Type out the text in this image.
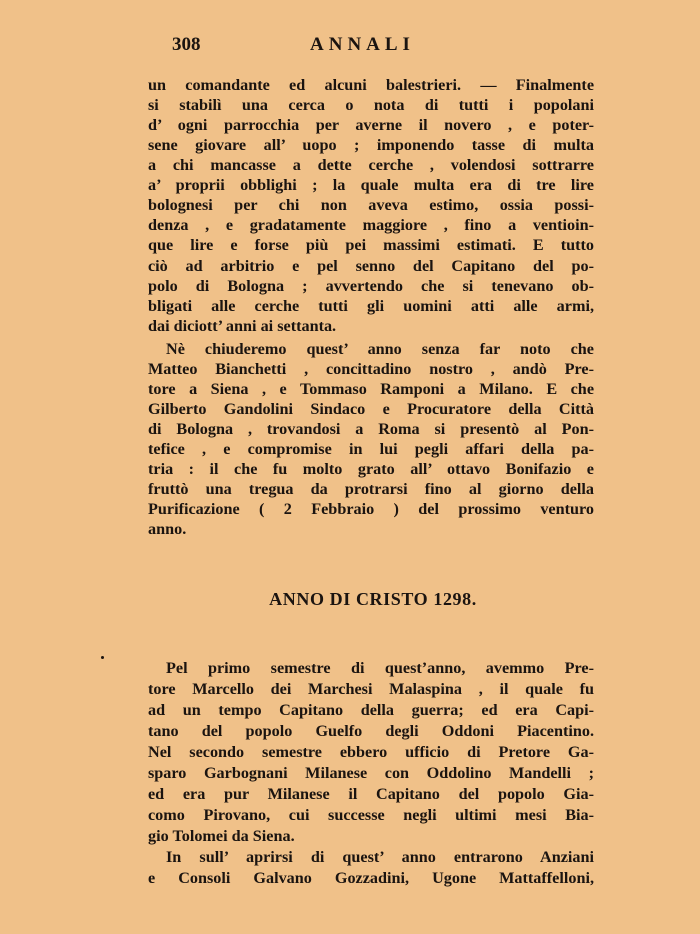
308	ANNALI
un comandante ed alcuni balestrieri. — Finalmente
si stabilì una cerca o nota di tutti i popolani
d’ ogni parrocchia per averne il novero , e poter-
sene giovare all’ uopo ; imponendo tasse di multa
a chi mancasse a dette cerche , volendosi sottrarre
a’ proprii obblighi ; la quale multa era di tre lire
bolognesi per chi non aveva estimo, ossia possi-
denza , e gradatamente maggiore , fino a ventioin-
que lire e forse più pei massimi estimati. E tutto
ciò ad arbitrio e pel senno del Capitano del po-
polo di Bologna ; avvertendo che si tenevano ob-
bligati alle cerche tutti gli uomini atti alle armi,
dai diciott’ anni ai settanta.
Nè chiuderemo quest’ anno senza far noto che
Matteo Bianchetti , concittadino nostro , andò Pre-
tore a Siena , e Tommaso Ramponi a Milano. E che
Gilberto Gandolini Sindaco e Procuratore della Città
di Bologna , trovandosi a Roma si presentò al Pon-
tefice , e compromise in lui pegli affari della pa-
tria : il che fu molto grato all’ ottavo Bonifazio e
fruttò una tregua da protrarsi fino al giorno della
Purificazione ( 2 Febbraio ) del prossimo venturo
anno.
ANNO DI CRISTO 1298.
Pel primo semestre di quest’anno, avemmo Pre-
tore Marcello dei Marchesi Malaspina , il quale fu
ad un tempo Capitano della guerra; ed era Capi-
tano del popolo Guelfo degli Oddoni Piacentino.
Nel secondo semestre ebbero ufficio di Pretore Ga-
sparo Garbognani Milanese con Oddolino Mandelli ;
ed era pur Milanese il Capitano del popolo Gia-
como Pirovano, cui successe negli ultimi mesi Bia-
gio Tolomei da Siena.
In sull’ aprirsi di quest’ anno entrarono Anziani
e Consoli Galvano Gozzadini, Ugone Mattaffelloni,
